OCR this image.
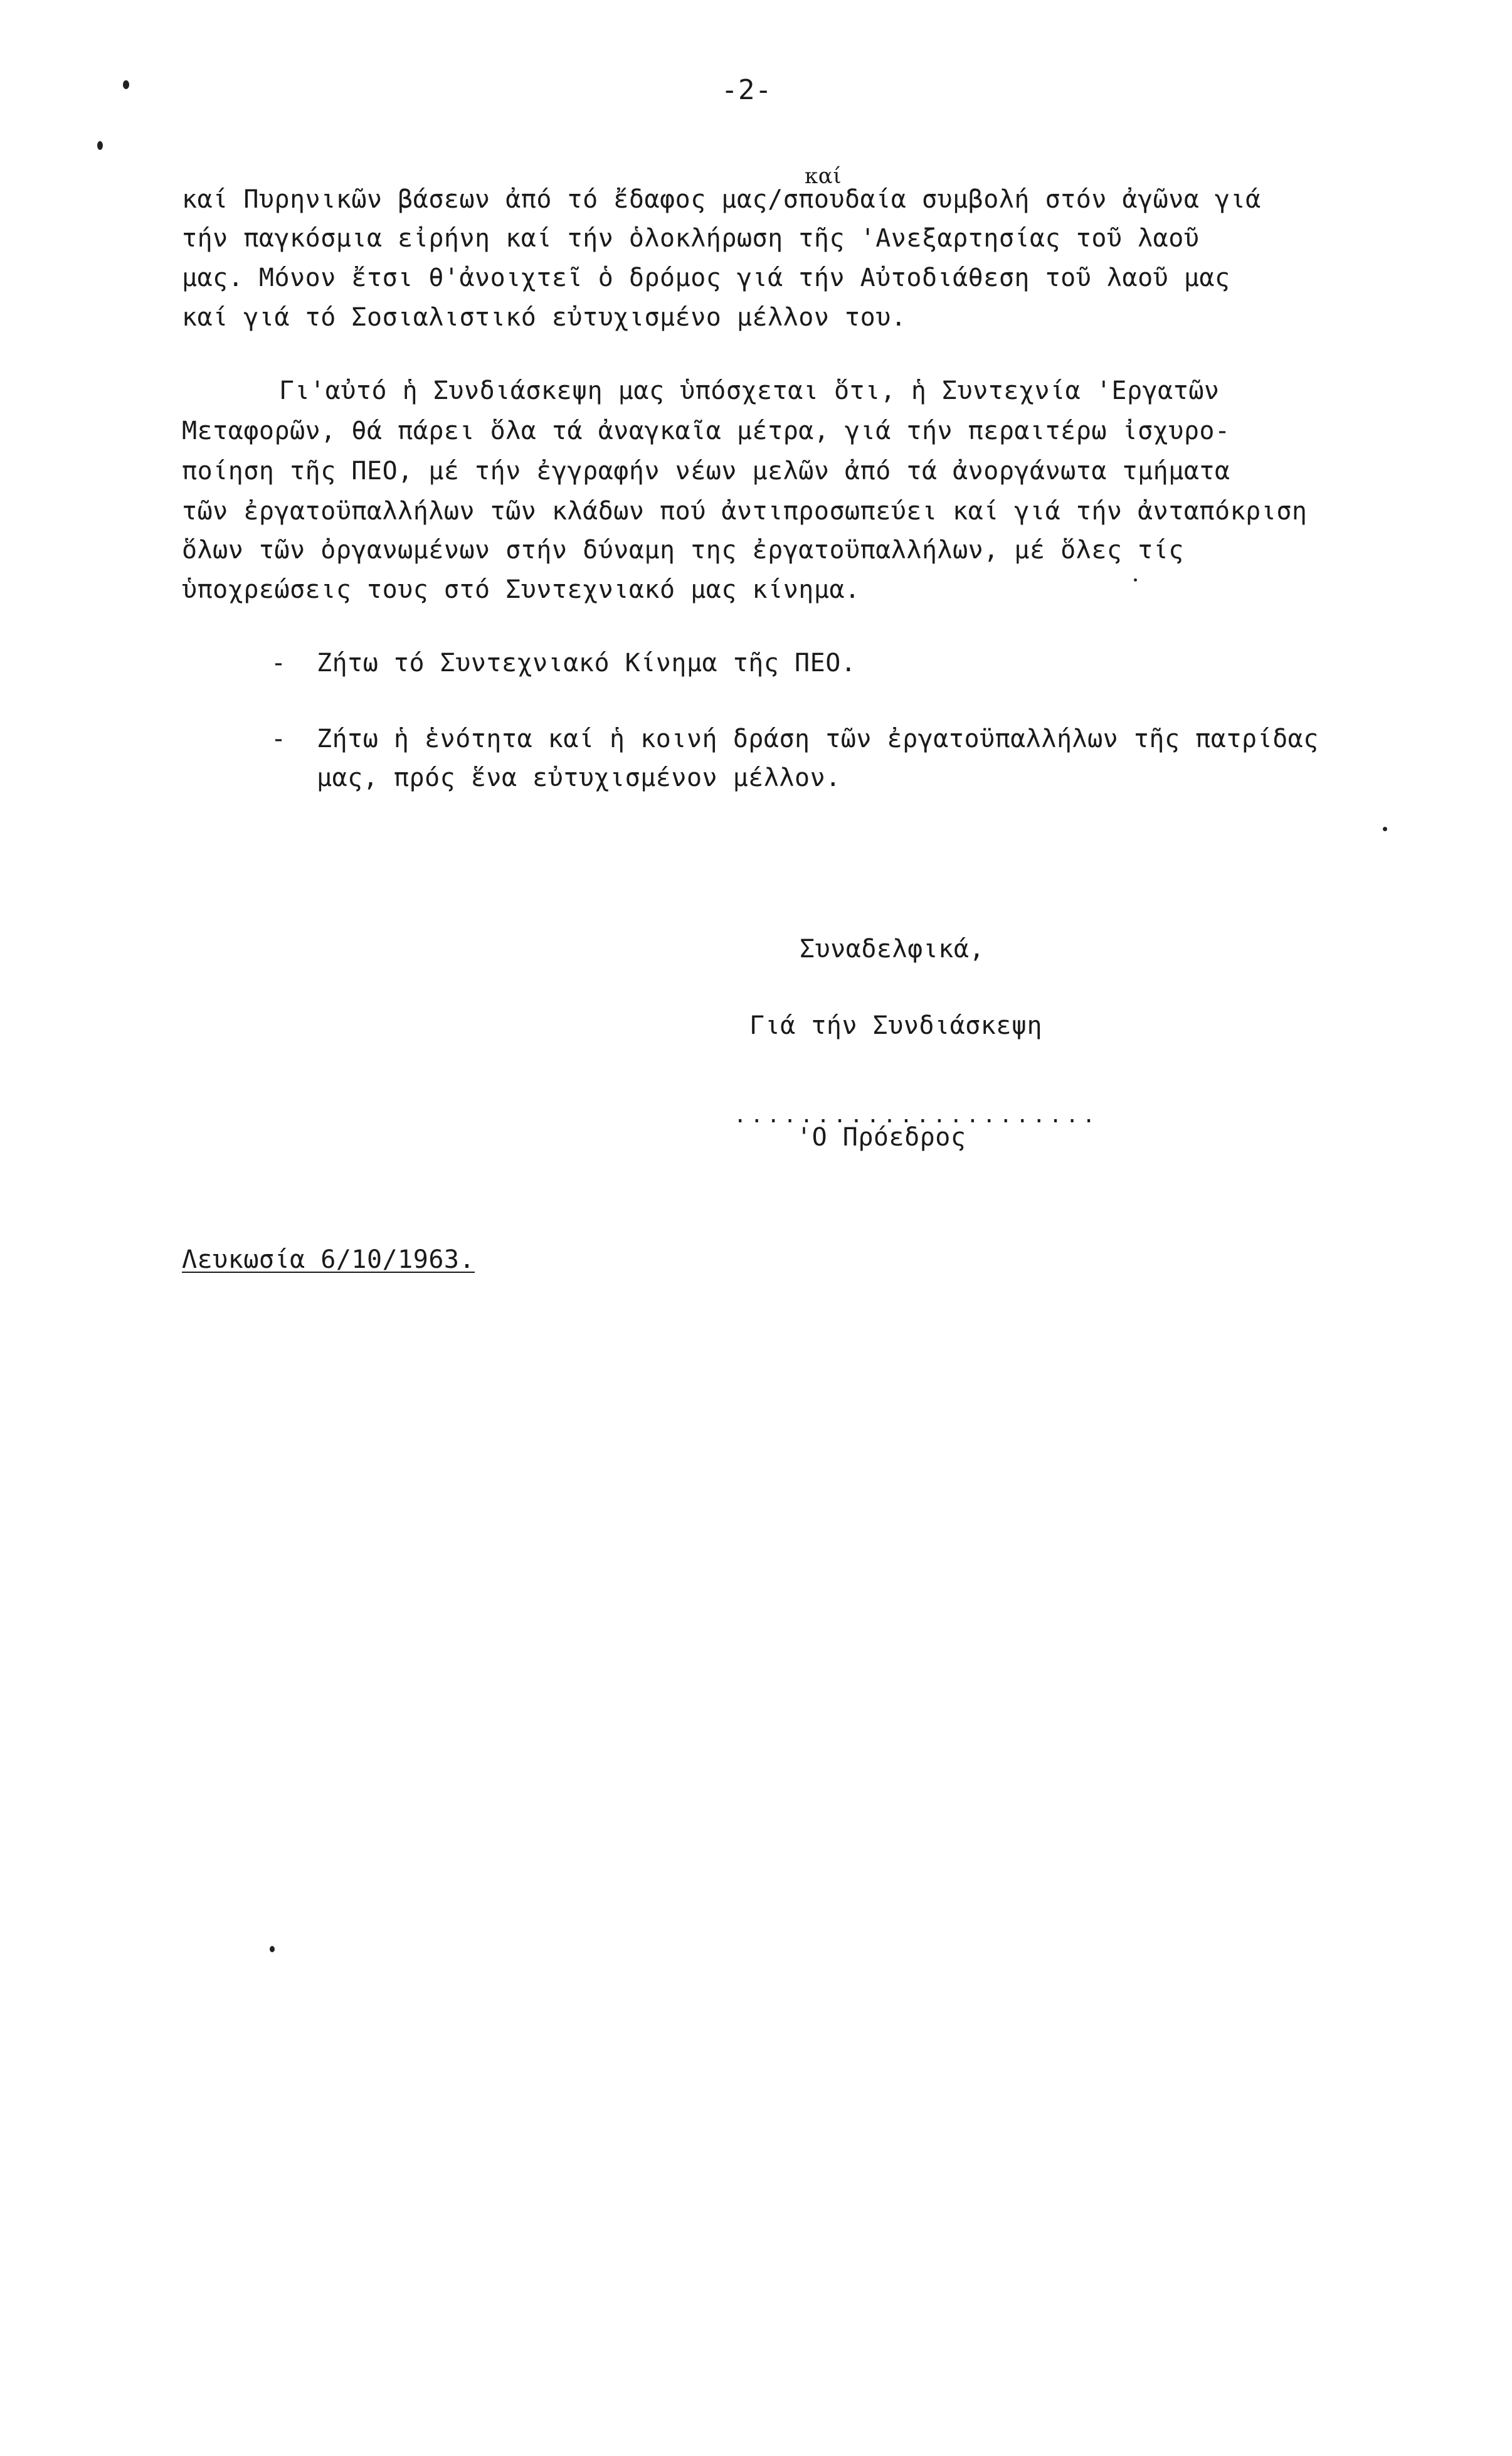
-2-
καί
καί Πυρηνικῶν βάσεων ἀπό τό ἔδαφος μας/σπουδαία συμβολή στόν ἀγῶνα γιά
τήν παγκόσμια εἰρήνη καί τήν ὁλοκλήρωση τῆς 'Ανεξαρτησίας τοῦ λαοῦ
μας. Μόνον ἔτσι θ'ἀνοιχτεῖ ὁ δρόμος γιά τήν Αὐτοδιάθεση τοῦ λαοῦ μας
καί γιά τό Σοσιαλιστικό εὐτυχισμένο μέλλον του.
Γι'αὐτό ἡ Συνδιάσκεψη μας ὑπόσχεται ὅτι, ἡ Συντεχνία 'Εργατῶν
Μεταφορῶν, θά πάρει ὅλα τά ἀναγκαῖα μέτρα, γιά τήν περαιτέρω ἰσχυρο-
ποίηση τῆς ΠΕΟ, μέ τήν ἐγγραφήν νέων μελῶν ἀπό τά ἀνοργάνωτα τμήματα
τῶν ἐργατοϋπαλλήλων τῶν κλάδων πού ἀντιπροσωπεύει καί γιά τήν ἀνταπόκριση
ὅλων τῶν ὀργανωμένων στήν δύναμη της ἐργατοϋπαλλήλων, μέ ὅλες τίς
ὑποχρεώσεις τους στό Συντεχνιακό μας κίνημα.
- Ζήτω τό Συντεχνιακό Κίνημα τῆς ΠΕΟ.
- Ζήτω ἡ ἑνότητα καί ἡ κοινή δράση τῶν ἐργατοϋπαλλήλων τῆς πατρίδας
μας, πρός ἕνα εὐτυχισμένον μέλλον.
Συναδελφικά,
Γιά τήν Συνδιάσκεψη
......................
'Ο Πρόεδρος
Λευκωσία 6/10/1963.
